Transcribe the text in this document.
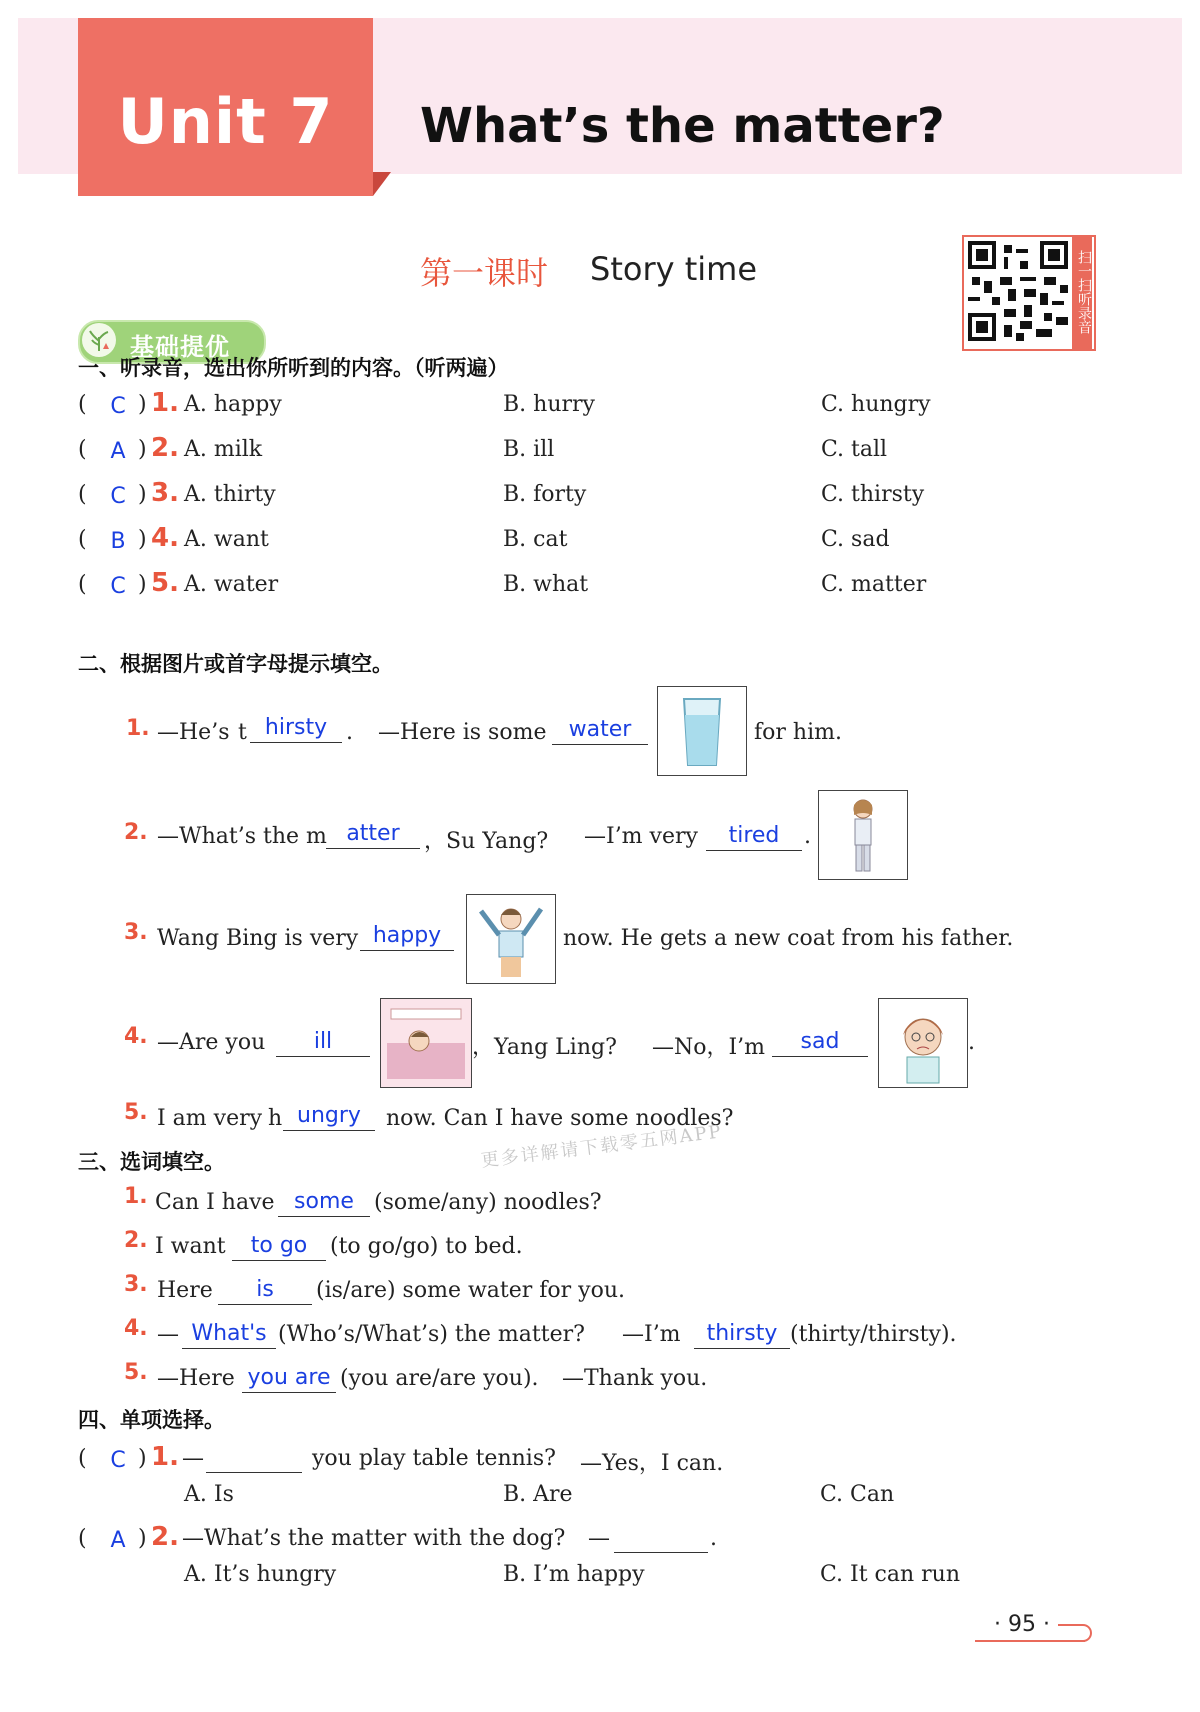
Unit 7	What’s the matter?
第一课时 Story time	扫一扫听录音
基础提优
一、听录音，选出你所听到的内容。（听两遍）
( C ) 1. A. happy	B. hurry	C. hungry
( A ) 2. A. milk	B. ill	C. tall
( C ) 3. A. thirty	B. forty	C. thirsty
( B ) 4. A. want	B. cat	C. sad
( C ) 5. A. water	B. what	C. matter
二、根据图片或首字母提示填空。
1. —He’s t hirsty . —Here is some	water	for him.
2. —What’s the m atter	，Su Yang? —I’m very	tired	.
3. Wang Bing is very happy	now. He gets a new coat from his father.
4. —Are you	ill	，Yang Ling? —No，I’m	sad	.
5. I am very h ungry	now. Can I have some noodles?
更多详解请下载零五网APP
三、选词填空。
1. Can I have some (some/any) noodles?
2. I want	to go	(to go/go) to bed.
3. Here	is	(is/are) some water for you.
4. — What's (Who’s/What’s) the matter? —I’m	thirsty (thirty/thirsty).
5. —Here you are (you are/are you). —Thank you.
四、单项选择。
( C ) 1. —	you play table tennis? —Yes，I can.
A. Is	B. Are	C. Can
( A ) 2. —What’s the matter with the dog? —	.
A. It’s hungry	B. I’m happy	C. It can run
· 95 ·
